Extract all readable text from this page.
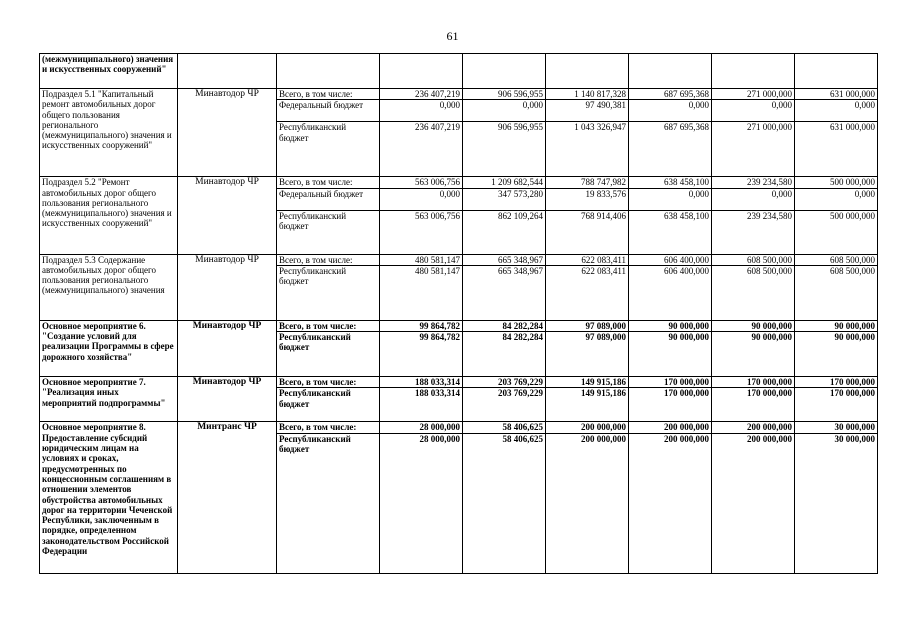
61
(межмуниципального) значения и искусственных сооружений"								
Подраздел 5.1 "Капитальный ремонт автомобильных дорог общего пользования регионального (межмуниципального) значения и искусственных сооружений"	Минавтодор ЧР	Всего, в том числе:	236 407,219	906 596,955	1 140 817,328	687 695,368	271 000,000	631 000,000
		Федеральный бюджет	0,000	0,000	97 490,381	0,000	0,000	0,000
		Республиканский бюджет	236 407,219	906 596,955	1 043 326,947	687 695,368	271 000,000	631 000,000
Подраздел 5.2 "Ремонт автомобильных дорог общего пользования регионального (межмуниципального) значения и искусственных сооружений"	Минавтодор ЧР	Всего, в том числе:	563 006,756	1 209 682,544	788 747,982	638 458,100	239 234,580	500 000,000
		Федеральный бюджет	0,000	347 573,280	19 833,576	0,000	0,000	0,000
		Республиканский бюджет	563 006,756	862 109,264	768 914,406	638 458,100	239 234,580	500 000,000
Подраздел 5.3 Содержание автомобильных дорог общего пользования регионального (межмуниципального) значения	Минавтодор ЧР	Всего, в том числе:	480 581,147	665 348,967	622 083,411	606 400,000	608 500,000	608 500,000
		Республиканский бюджет	480 581,147	665 348,967	622 083,411	606 400,000	608 500,000	608 500,000
Основное мероприятие 6. "Создание условий для реализации Программы в сфере дорожного хозяйства"	Минавтодор ЧР	Всего, в том числе:	99 864,782	84 282,284	97 089,000	90 000,000	90 000,000	90 000,000
		Республиканский бюджет	99 864,782	84 282,284	97 089,000	90 000,000	90 000,000	90 000,000
Основное мероприятие 7. "Реализация иных мероприятий подпрограммы"	Минавтодор ЧР	Всего, в том числе:	188 033,314	203 769,229	149 915,186	170 000,000	170 000,000	170 000,000
		Республиканский бюджет	188 033,314	203 769,229	149 915,186	170 000,000	170 000,000	170 000,000
Основное мероприятие 8. Предоставление субсидий юридическим лицам на условиях и сроках, предусмотренных по концессионным соглашениям в отношении элементов обустройства автомобильных дорог на территории Чеченской Республики, заключенным в порядке, определенном законодательством Российской Федерации	Минтранс ЧР	Всего, в том числе:	28 000,000	58 406,625	200 000,000	200 000,000	200 000,000	30 000,000
		Республиканский бюджет	28 000,000	58 406,625	200 000,000	200 000,000	200 000,000	30 000,000
